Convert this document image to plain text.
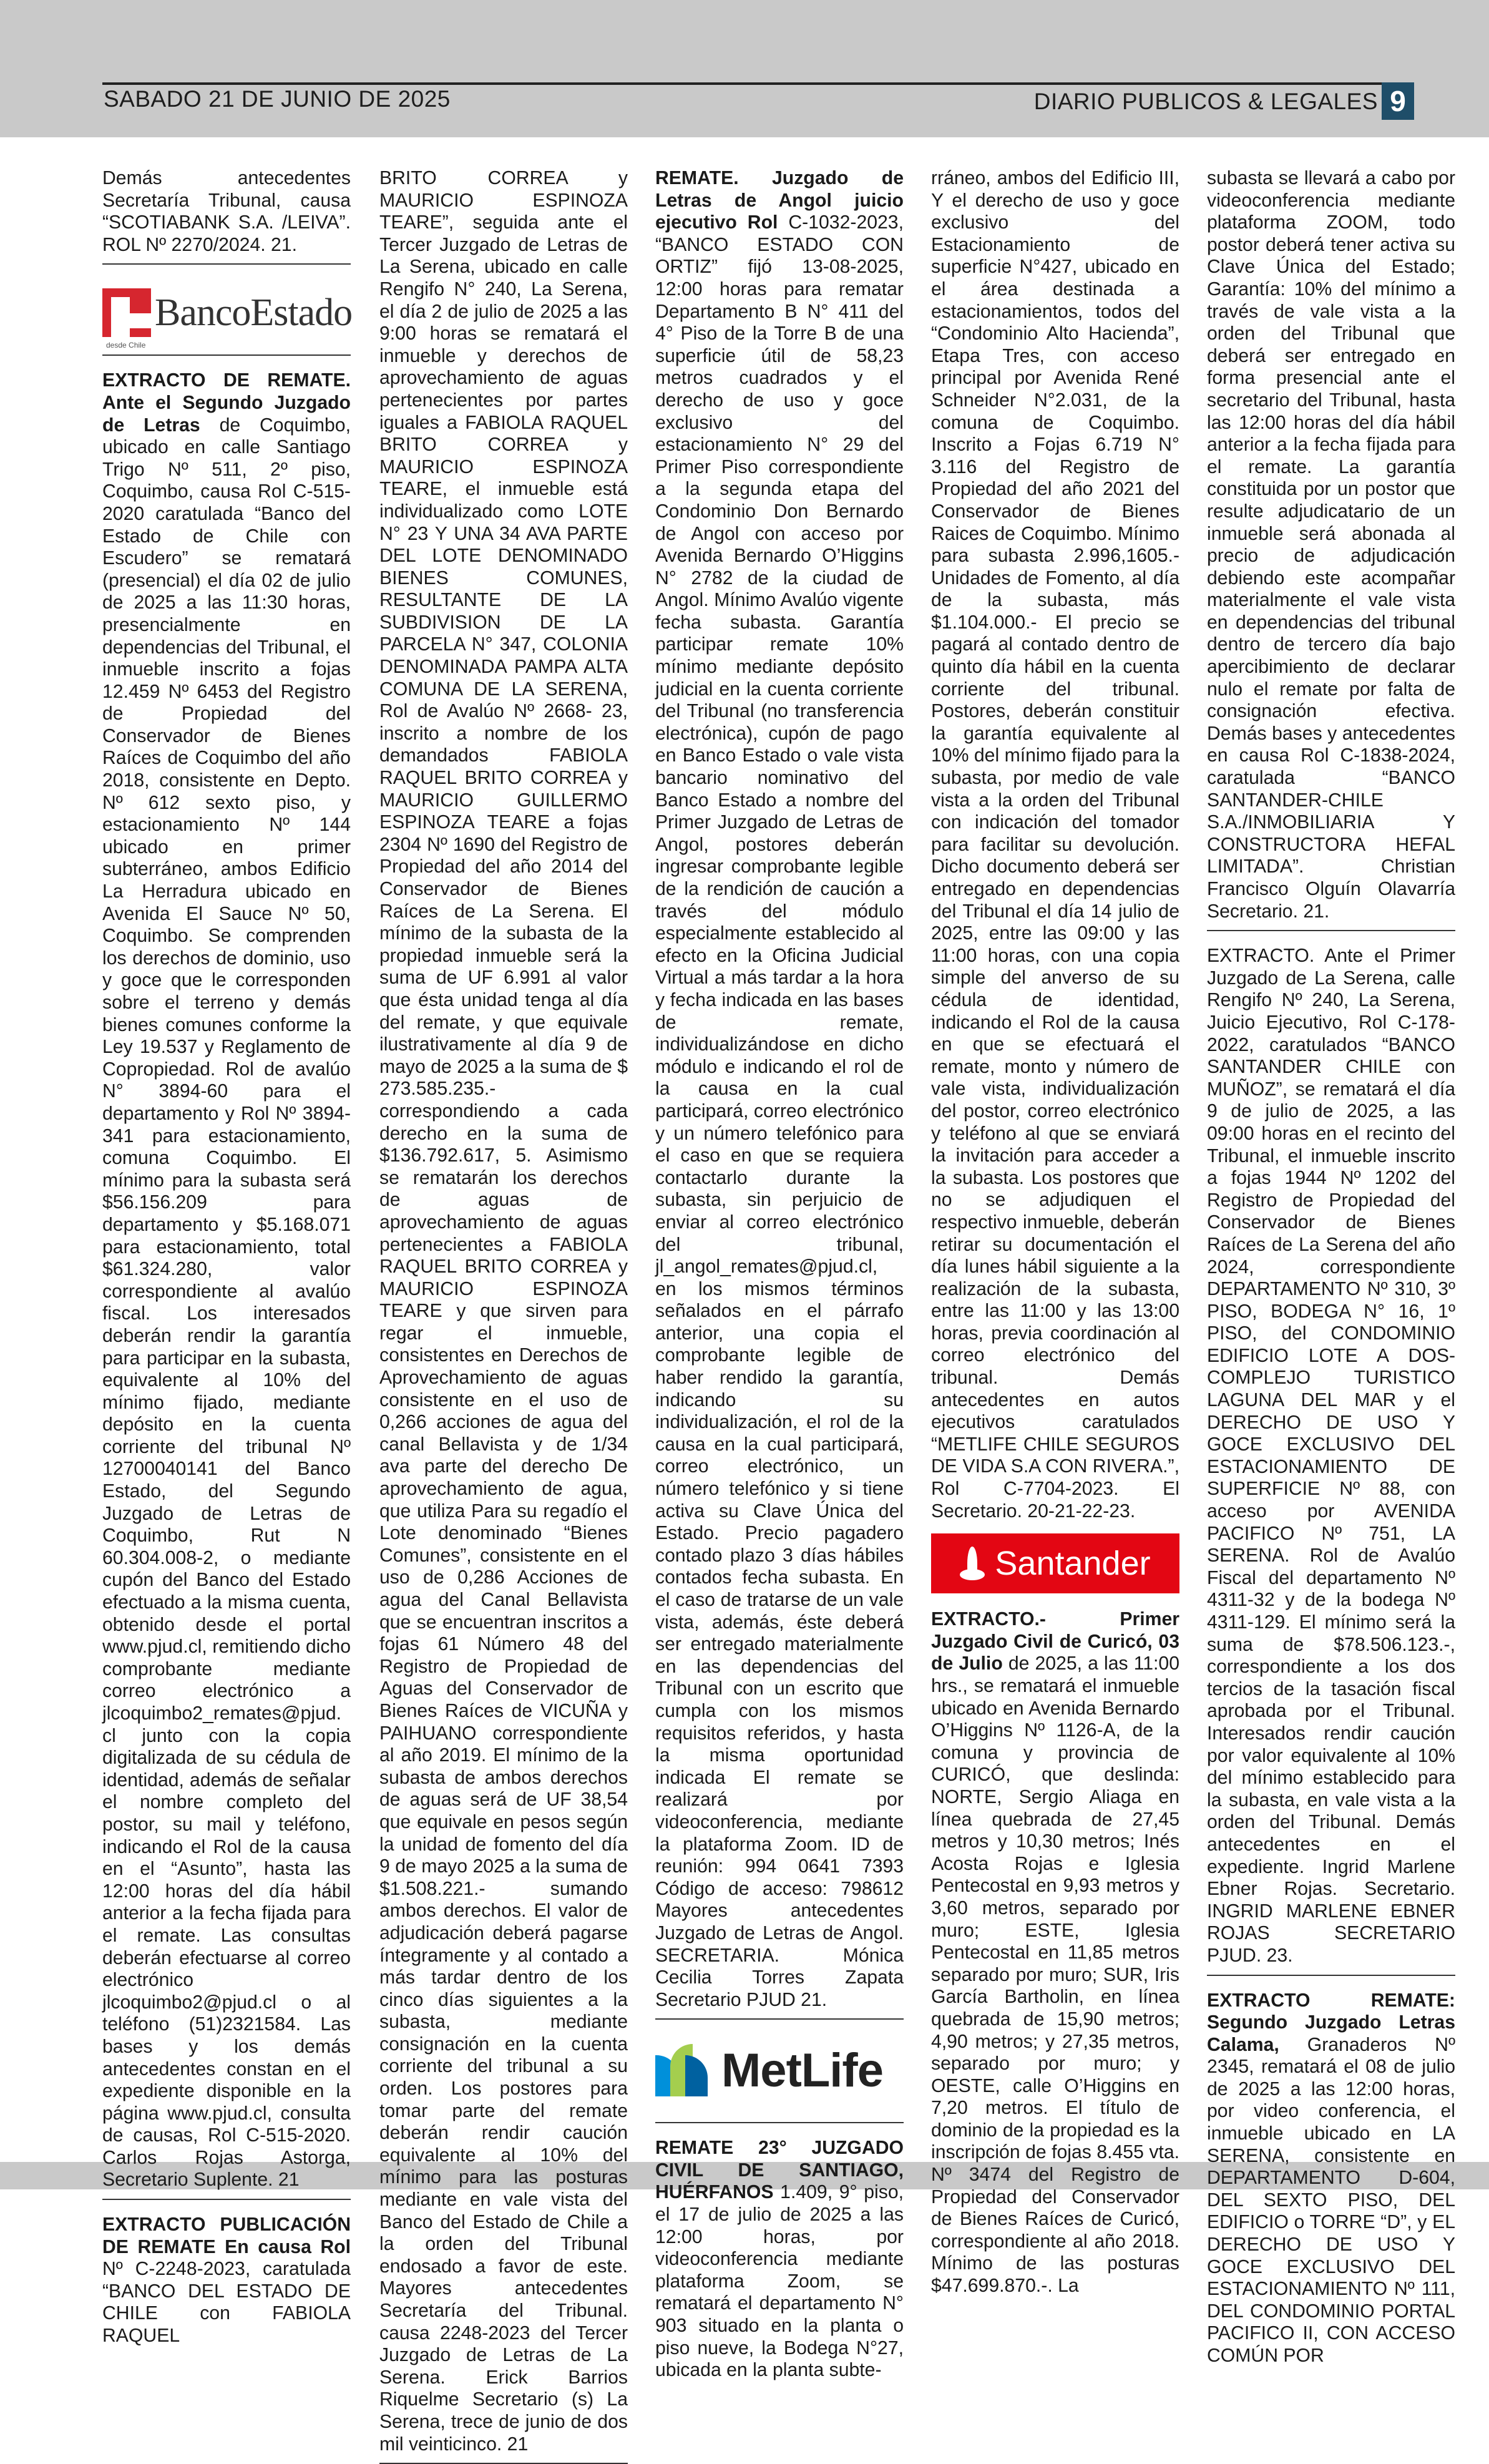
SABADO 21 DE JUNIO DE 2025	DIARIO PUBLICOS & LEGALES 9

Demás antecedentes Secretaría Tribunal, causa “SCOTIABANK S.A. /LEIVA”. ROL Nº 2270/2024. 21.

desde Chile
BancoEstado

EXTRACTO DE REMATE. Ante el Segundo Juzgado de Letras de Coquimbo, ubicado en calle Santiago Trigo Nº 511, 2º piso, Coquimbo, causa Rol C-515-2020 caratulada “Banco del Estado de Chile con Escudero” se rematará (presencial) el día 02 de julio de 2025 a las 11:30 horas, presencialmente en dependencias del Tribunal, el inmueble inscrito a fojas 12.459 Nº 6453 del Registro de Propiedad del Conservador de Bienes Raíces de Coquimbo del año 2018, consistente en Depto. Nº 612 sexto piso, y estacionamiento Nº 144 ubicado en primer subterráneo, ambos Edificio La Herradura ubicado en Avenida El Sauce Nº 50, Coquimbo. Se comprenden los derechos de dominio, uso y goce que le corresponden sobre el terreno y demás bienes comunes conforme la Ley 19.537 y Reglamento de Copropiedad. Rol de avalúo N° 3894-60 para el departamento y Rol Nº 3894-341 para estacionamiento, comuna Coquimbo. El mínimo para la subasta será $56.156.209 para departamento y $5.168.071 para estacionamiento, total $61.324.280, valor correspondiente al avalúo fiscal. Los interesados deberán rendir la garantía para participar en la subasta, equivalente al 10% del mínimo fijado, mediante depósito en la cuenta corriente del tribunal Nº 12700040141 del Banco Estado, del Segundo Juzgado de Letras de Coquimbo, Rut N 60.304.008-2, o mediante cupón del Banco del Estado efectuado a la misma cuenta, obtenido desde el portal www.pjud.cl, remitiendo dicho comprobante mediante correo electrónico a jlcoquimbo2_remates@pjud.cl junto con la copia digitalizada de su cédula de identidad, además de señalar el nombre completo del postor, su mail y teléfono, indicando el Rol de la causa en el “Asunto”, hasta las 12:00 horas del día hábil anterior a la fecha fijada para el remate. Las consultas deberán efectuarse al correo electrónico jlcoquimbo2@pjud.cl o al teléfono (51)2321584. Las bases y los demás antecedentes constan en el expediente disponible en la página www.pjud.cl, consulta de causas, Rol C-515-2020. Carlos Rojas Astorga, Secretario Suplente. 21

EXTRACTO PUBLICACIÓN DE REMATE En causa Rol Nº C-2248-2023, caratulada “BANCO DEL ESTADO DE CHILE con FABIOLA RAQUEL

BRITO CORREA y MAURICIO ESPINOZA TEARE”, seguida ante el Tercer Juzgado de Letras de La Serena, ubicado en calle Rengifo N° 240, La Serena, el día 2 de julio de 2025 a las 9:00 horas se rematará el inmueble y derechos de aprovechamiento de aguas pertenecientes por partes iguales a FABIOLA RAQUEL BRITO CORREA y MAURICIO ESPINOZA TEARE, el inmueble está individualizado como LOTE N° 23 Y UNA 34 AVA PARTE DEL LOTE DENOMINADO BIENES COMUNES, RESULTANTE DE LA SUBDIVISION DE LA PARCELA N° 347, COLONIA DENOMINADA PAMPA ALTA COMUNA DE LA SERENA, Rol de Avalúo Nº 2668- 23, inscrito a nombre de los demandados FABIOLA RAQUEL BRITO CORREA y MAURICIO GUILLERMO ESPINOZA TEARE a fojas 2304 Nº 1690 del Registro de Propiedad del año 2014 del Conservador de Bienes Raíces de La Serena. El mínimo de la subasta de la propiedad inmueble será la suma de UF 6.991 al valor que ésta unidad tenga al día del remate, y que equivale ilustrativamente al día 9 de mayo de 2025 a la suma de $ 273.585.235.- correspondiendo a cada derecho en la suma de $136.792.617, 5. Asimismo se rematarán los derechos de aguas de aprovechamiento de aguas pertenecientes a FABIOLA RAQUEL BRITO CORREA y MAURICIO ESPINOZA TEARE y que sirven para regar el inmueble, consistentes en Derechos de Aprovechamiento de aguas consistente en el uso de 0,266 acciones de agua del canal Bellavista y de 1/34 ava parte del derecho De aprovechamiento de agua, que utiliza Para su regadío el Lote denominado “Bienes Comunes”, consistente en el uso de 0,286 Acciones de agua del Canal Bellavista que se encuentran inscritos a fojas 61 Número 48 del Registro de Propiedad de Aguas del Conservador de Bienes Raíces de VICUÑA y PAIHUANO correspondiente al año 2019. El mínimo de la subasta de ambos derechos de aguas será de UF 38,54 que equivale en pesos según la unidad de fomento del día 9 de mayo 2025 a la suma de $1.508.221.- sumando ambos derechos. El valor de adjudicación deberá pagarse íntegramente y al contado a más tardar dentro de los cinco días siguientes a la subasta, mediante consignación en la cuenta corriente del tribunal a su orden. Los postores para tomar parte del remate deberán rendir caución equivalente al 10% del mínimo para las posturas mediante en vale vista del Banco del Estado de Chile a la orden del Tribunal endosado a favor de este. Mayores antecedentes Secretaría del Tribunal. causa 2248-2023 del Tercer Juzgado de Letras de La Serena. Erick Barrios Riquelme Secretario (s) La Serena, trece de junio de dos mil veinticinco. 21

REMATE. Juzgado de Letras de Angol juicio ejecutivo Rol C-1032-2023, “BANCO ESTADO CON ORTIZ” fijó 13-08-2025, 12:00 horas para rematar Departamento B N° 411 del 4° Piso de la Torre B de una superficie útil de 58,23 metros cuadrados y el derecho de uso y goce exclusivo del estacionamiento N° 29 del Primer Piso correspondiente a la segunda etapa del Condominio Don Bernardo de Angol con acceso por Avenida Bernardo O’Higgins N° 2782 de la ciudad de Angol. Mínimo Avalúo vigente fecha subasta. Garantía participar remate 10% mínimo mediante depósito judicial en la cuenta corriente del Tribunal (no transferencia electrónica), cupón de pago en Banco Estado o vale vista bancario nominativo del Banco Estado a nombre del Primer Juzgado de Letras de Angol, postores deberán ingresar comprobante legible de la rendición de caución a través del módulo especialmente establecido al efecto en la Oficina Judicial Virtual a más tardar a la hora y fecha indicada en las bases de remate, individualizándose en dicho módulo e indicando el rol de la causa en la cual participará, correo electrónico y un número telefónico para el caso en que se requiera contactarlo durante la subasta, sin perjuicio de enviar al correo electrónico del tribunal, jl_angol_remates@pjud.cl, en los mismos términos señalados en el párrafo anterior, una copia el comprobante legible de haber rendido la garantía, indicando su individualización, el rol de la causa en la cual participará, correo electrónico, un número telefónico y si tiene activa su Clave Única del Estado. Precio pagadero contado plazo 3 días hábiles contados fecha subasta. En el caso de tratarse de un vale vista, además, éste deberá ser entregado materialmente en las dependencias del Tribunal con un escrito que cumpla con los mismos requisitos referidos, y hasta la misma oportunidad indicada El remate se realizará por videoconferencia, mediante la plataforma Zoom. ID de reunión: 994 0641 7393 Código de acceso: 798612 Mayores antecedentes Juzgado de Letras de Angol. SECRETARIA. Mónica Cecilia Torres Zapata Secretario PJUD 21.

MetLife

REMATE 23° JUZGADO CIVIL DE SANTIAGO, HUÉRFANOS 1.409, 9° piso, el 17 de julio de 2025 a las 12:00 horas, por videoconferencia mediante plataforma Zoom, se rematará el departamento N° 903 situado en la planta o piso nueve, la Bodega N°27, ubicada en la planta subte-

rráneo, ambos del Edificio III, Y el derecho de uso y goce exclusivo del Estacionamiento de superficie N°427, ubicado en el área destinada a estacionamientos, todos del “Condominio Alto Hacienda”, Etapa Tres, con acceso principal por Avenida René Schneider N°2.031, de la comuna de Coquimbo. Inscrito a Fojas 6.719 N° 3.116 del Registro de Propiedad del año 2021 del Conservador de Bienes Raices de Coquimbo. Mínimo para subasta 2.996,1605.- Unidades de Fomento, al día de la subasta, más $1.104.000.- El precio se pagará al contado dentro de quinto día hábil en la cuenta corriente del tribunal. Postores, deberán constituir la garantía equivalente al 10% del mínimo fijado para la subasta, por medio de vale vista a la orden del Tribunal con indicación del tomador para facilitar su devolución. Dicho documento deberá ser entregado en dependencias del Tribunal el día 14 julio de 2025, entre las 09:00 y las 11:00 horas, con una copia simple del anverso de su cédula de identidad, indicando el Rol de la causa en que se efectuará el remate, monto y número de vale vista, individualización del postor, correo electrónico y teléfono al que se enviará la invitación para acceder a la subasta. Los postores que no se adjudiquen el respectivo inmueble, deberán retirar su documentación el día lunes hábil siguiente a la realización de la subasta, entre las 11:00 y las 13:00 horas, previa coordinación al correo electrónico del tribunal. Demás antecedentes en autos ejecutivos caratulados “METLIFE CHILE SEGUROS DE VIDA S.A CON RIVERA.”, Rol C-7704-2023. El Secretario. 20-21-22-23.

Santander

EXTRACTO.- Primer Juzgado Civil de Curicó, 03 de Julio de 2025, a las 11:00 hrs., se rematará el inmueble ubicado en Avenida Bernardo O’Higgins Nº 1126-A, de la comuna y provincia de CURICÓ, que deslinda: NORTE, Sergio Aliaga en línea quebrada de 27,45 metros y 10,30 metros; Inés Acosta Rojas e Iglesia Pentecostal en 9,93 metros y 3,60 metros, separado por muro; ESTE, Iglesia Pentecostal en 11,85 metros separado por muro; SUR, Iris García Bartholin, en línea quebrada de 15,90 metros; 4,90 metros; y 27,35 metros, separado por muro; y OESTE, calle O’Higgins en 7,20 metros. El título de dominio de la propiedad es la inscripción de fojas 8.455 vta. Nº 3474 del Registro de Propiedad del Conservador de Bienes Raíces de Curicó, correspondiente al año 2018. Mínimo de las posturas $47.699.870.-. La

subasta se llevará a cabo por videoconferencia mediante plataforma ZOOM, todo postor deberá tener activa su Clave Única del Estado; Garantía: 10% del mínimo a través de vale vista a la orden del Tribunal que deberá ser entregado en forma presencial ante el secretario del Tribunal, hasta las 12:00 horas del día hábil anterior a la fecha fijada para el remate. La garantía constituida por un postor que resulte adjudicatario de un inmueble será abonada al precio de adjudicación debiendo este acompañar materialmente el vale vista en dependencias del tribunal dentro de tercero día bajo apercibimiento de declarar nulo el remate por falta de consignación efectiva. Demás bases y antecedentes en causa Rol C-1838-2024, caratulada “BANCO SANTANDER-CHILE S.A./INMOBILIARIA Y CONSTRUCTORA HEFAL LIMITADA”. Christian Francisco Olguín Olavarría Secretario. 21.

EXTRACTO. Ante el Primer Juzgado de La Serena, calle Rengifo Nº 240, La Serena, Juicio Ejecutivo, Rol C-178-2022, caratulados “BANCO SANTANDER CHILE con MUÑOZ”, se rematará el día 9 de julio de 2025, a las 09:00 horas en el recinto del Tribunal, el inmueble inscrito a fojas 1944 Nº 1202 del Registro de Propiedad del Conservador de Bienes Raíces de La Serena del año 2024, correspondiente DEPARTAMENTO Nº 310, 3º PISO, BODEGA N° 16, 1º PISO, del CONDOMINIO EDIFICIO LOTE A DOS-COMPLEJO TURISTICO LAGUNA DEL MAR y el DERECHO DE USO Y GOCE EXCLUSIVO DEL ESTACIONAMIENTO DE SUPERFICIE Nº 88, con acceso por AVENIDA PACIFICO Nº 751, LA SERENA. Rol de Avalúo Fiscal del departamento Nº 4311-32 y de la bodega Nº 4311-129. El mínimo será la suma de $78.506.123.-, correspondiente a los dos tercios de la tasación fiscal aprobada por el Tribunal. Interesados rendir caución por valor equivalente al 10% del mínimo establecido para la subasta, en vale vista a la orden del Tribunal. Demás antecedentes en el expediente. Ingrid Marlene Ebner Rojas. Secretario. INGRID MARLENE EBNER ROJAS SECRETARIO PJUD. 23.

EXTRACTO REMATE: Segundo Juzgado Letras Calama, Granaderos Nº 2345, rematará el 08 de julio de 2025 a las 12:00 horas, por video conferencia, el inmueble ubicado en LA SERENA, consistente en DEPARTAMENTO D-604, DEL SEXTO PISO, DEL EDIFICIO o TORRE “D”, y EL DERECHO DE USO Y GOCE EXCLUSIVO DEL ESTACIONAMIENTO Nº 111, DEL CONDOMINIO PORTAL PACIFICO II, CON ACCESO COMÚN POR
